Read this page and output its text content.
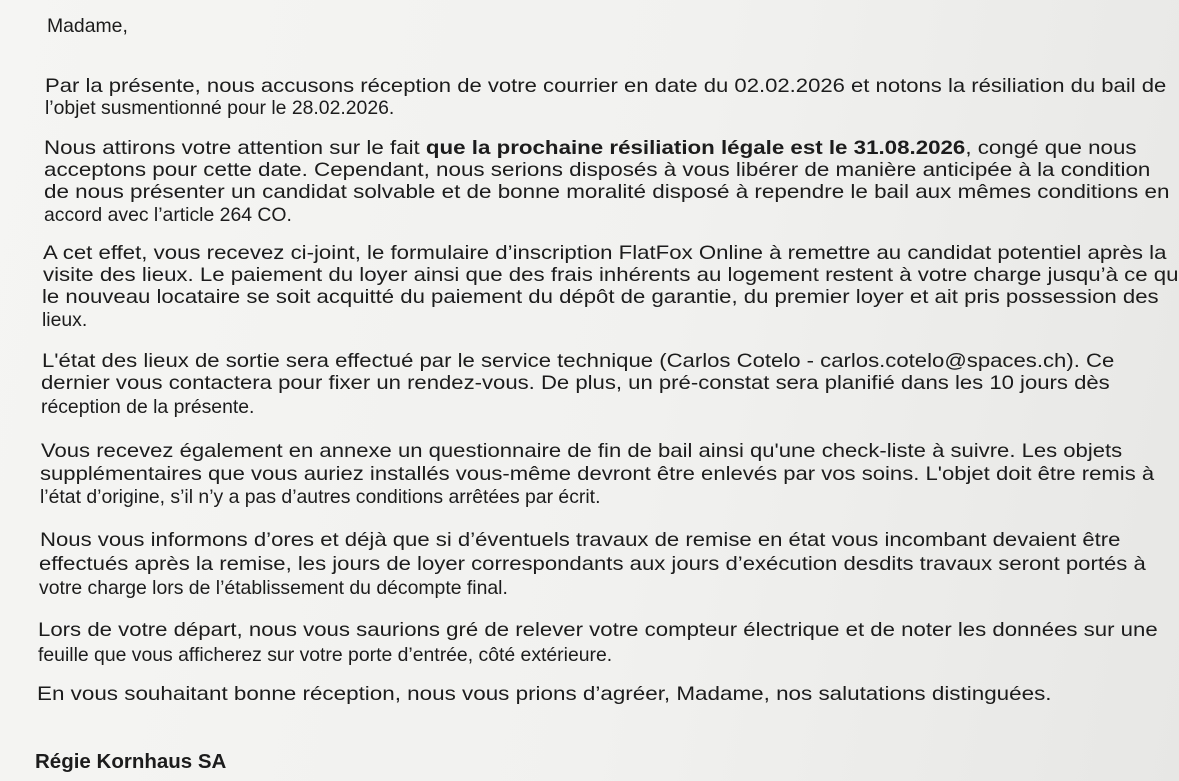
Madame,
Par la présente, nous accusons réception de votre courrier en date du 02.02.2026 et notons la résiliation du bail de
l’objet susmentionné pour le 28.02.2026.
Nous attirons votre attention sur le fait que la prochaine résiliation légale est le 31.08.2026, congé que nous
acceptons pour cette date. Cependant, nous serions disposés à vous libérer de manière anticipée à la condition
de nous présenter un candidat solvable et de bonne moralité disposé à rependre le bail aux mêmes conditions en
accord avec l’article 264 CO.
A cet effet, vous recevez ci-joint, le formulaire d’inscription FlatFox Online à remettre au candidat potentiel après la
visite des lieux. Le paiement du loyer ainsi que des frais inhérents au logement restent à votre charge jusqu’à ce qu
le nouveau locataire se soit acquitté du paiement du dépôt de garantie, du premier loyer et ait pris possession des
lieux.
L'état des lieux de sortie sera effectué par le service technique (Carlos Cotelo - carlos.cotelo@spaces.ch). Ce
dernier vous contactera pour fixer un rendez-vous. De plus, un pré-constat sera planifié dans les 10 jours dès
réception de la présente.
Vous recevez également en annexe un questionnaire de fin de bail ainsi qu'une check-liste à suivre. Les objets
supplémentaires que vous auriez installés vous-même devront être enlevés par vos soins. L'objet doit être remis à
l’état d’origine, s’il n’y a pas d’autres conditions arrêtées par écrit.
Nous vous informons d’ores et déjà que si d’éventuels travaux de remise en état vous incombant devaient être
effectués après la remise, les jours de loyer correspondants aux jours d’exécution desdits travaux seront portés à
votre charge lors de l’établissement du décompte final.
Lors de votre départ, nous vous saurions gré de relever votre compteur électrique et de noter les données sur une
feuille que vous afficherez sur votre porte d’entrée, côté extérieure.
En vous souhaitant bonne réception, nous vous prions d’agréer, Madame, nos salutations distinguées.
Régie Kornhaus SA
